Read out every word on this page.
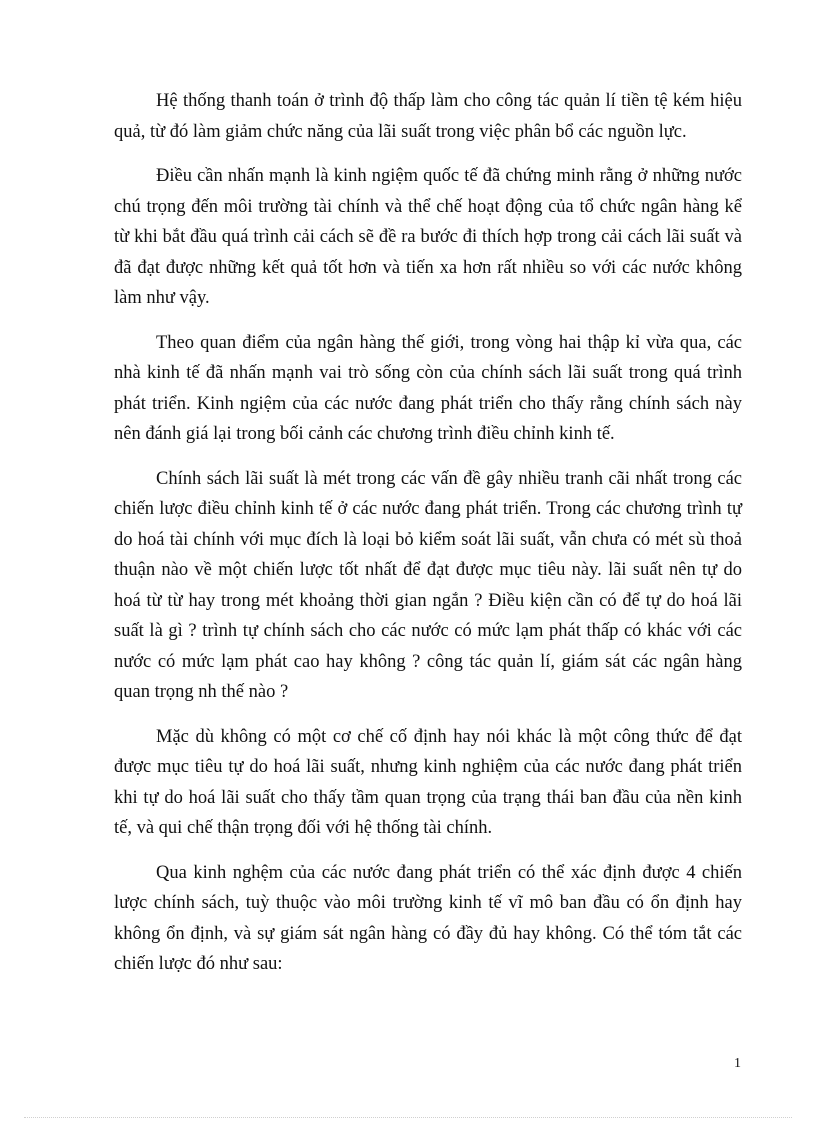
Hệ thống thanh toán ở trình độ thấp làm cho công tác quản lí tiền tệ kém hiệu quả, từ đó làm giảm chức năng của lãi suất trong việc phân bổ các nguồn lực.

Điều cần nhấn mạnh là kinh ngiệm quốc tế đã chứng minh rằng ở những nước chú trọng đến môi trường tài chính và thể chế hoạt động của tổ chức ngân hàng kể từ khi bắt đầu quá trình cải cách sẽ đề ra bước đi thích hợp trong cải cách lãi suất và đã đạt được những kết quả tốt hơn và tiến xa hơn rất nhiều so với các nước không làm như vậy.

Theo quan điểm của ngân hàng thế giới, trong vòng hai thập kỉ vừa qua, các nhà kinh tế đã nhấn mạnh vai trò sống còn của chính sách lãi suất trong quá trình phát triển. Kinh ngiệm của các nước đang phát triển cho thấy rằng chính sách này nên đánh giá lại trong bối cảnh các chương trình điều chỉnh kinh tế.

Chính sách lãi suất là mét trong các vấn đề gây nhiều tranh cãi nhất trong các chiến lược điều chỉnh kinh tế ở các nước đang phát triển. Trong các chương trình tự do hoá tài chính với mục đích là loại bỏ kiểm soát lãi suất, vẫn chưa có mét sù thoả thuận nào về một chiến lược tốt nhất để đạt được mục tiêu này. lãi suất nên tự do hoá từ từ hay trong mét khoảng thời gian ngắn ? Điều kiện cần có để tự do hoá lãi suất là gì ? trình tự chính sách cho các nước có mức lạm phát thấp có khác với các nước có mức lạm phát cao hay không ? công tác quản lí, giám sát các ngân hàng quan trọng nh thế nào ?

Mặc dù không có một cơ chế cố định hay nói khác là một công thức để đạt được mục tiêu tự do hoá lãi suất, nhưng kinh nghiệm của các nước đang phát triển khi tự do hoá lãi suất cho thấy tầm quan trọng của trạng thái ban đầu của nền kinh tế, và qui chế thận trọng đối với hệ thống tài chính.

Qua kinh nghệm của các nước đang phát triển có thể xác định được 4 chiến lược chính sách, tuỳ thuộc vào môi trường kinh tế vĩ mô ban đầu có ổn định hay không ổn định, và sự giám sát ngân hàng có đầy đủ hay không. Có thể tóm tắt các chiến lược đó như sau:

1
